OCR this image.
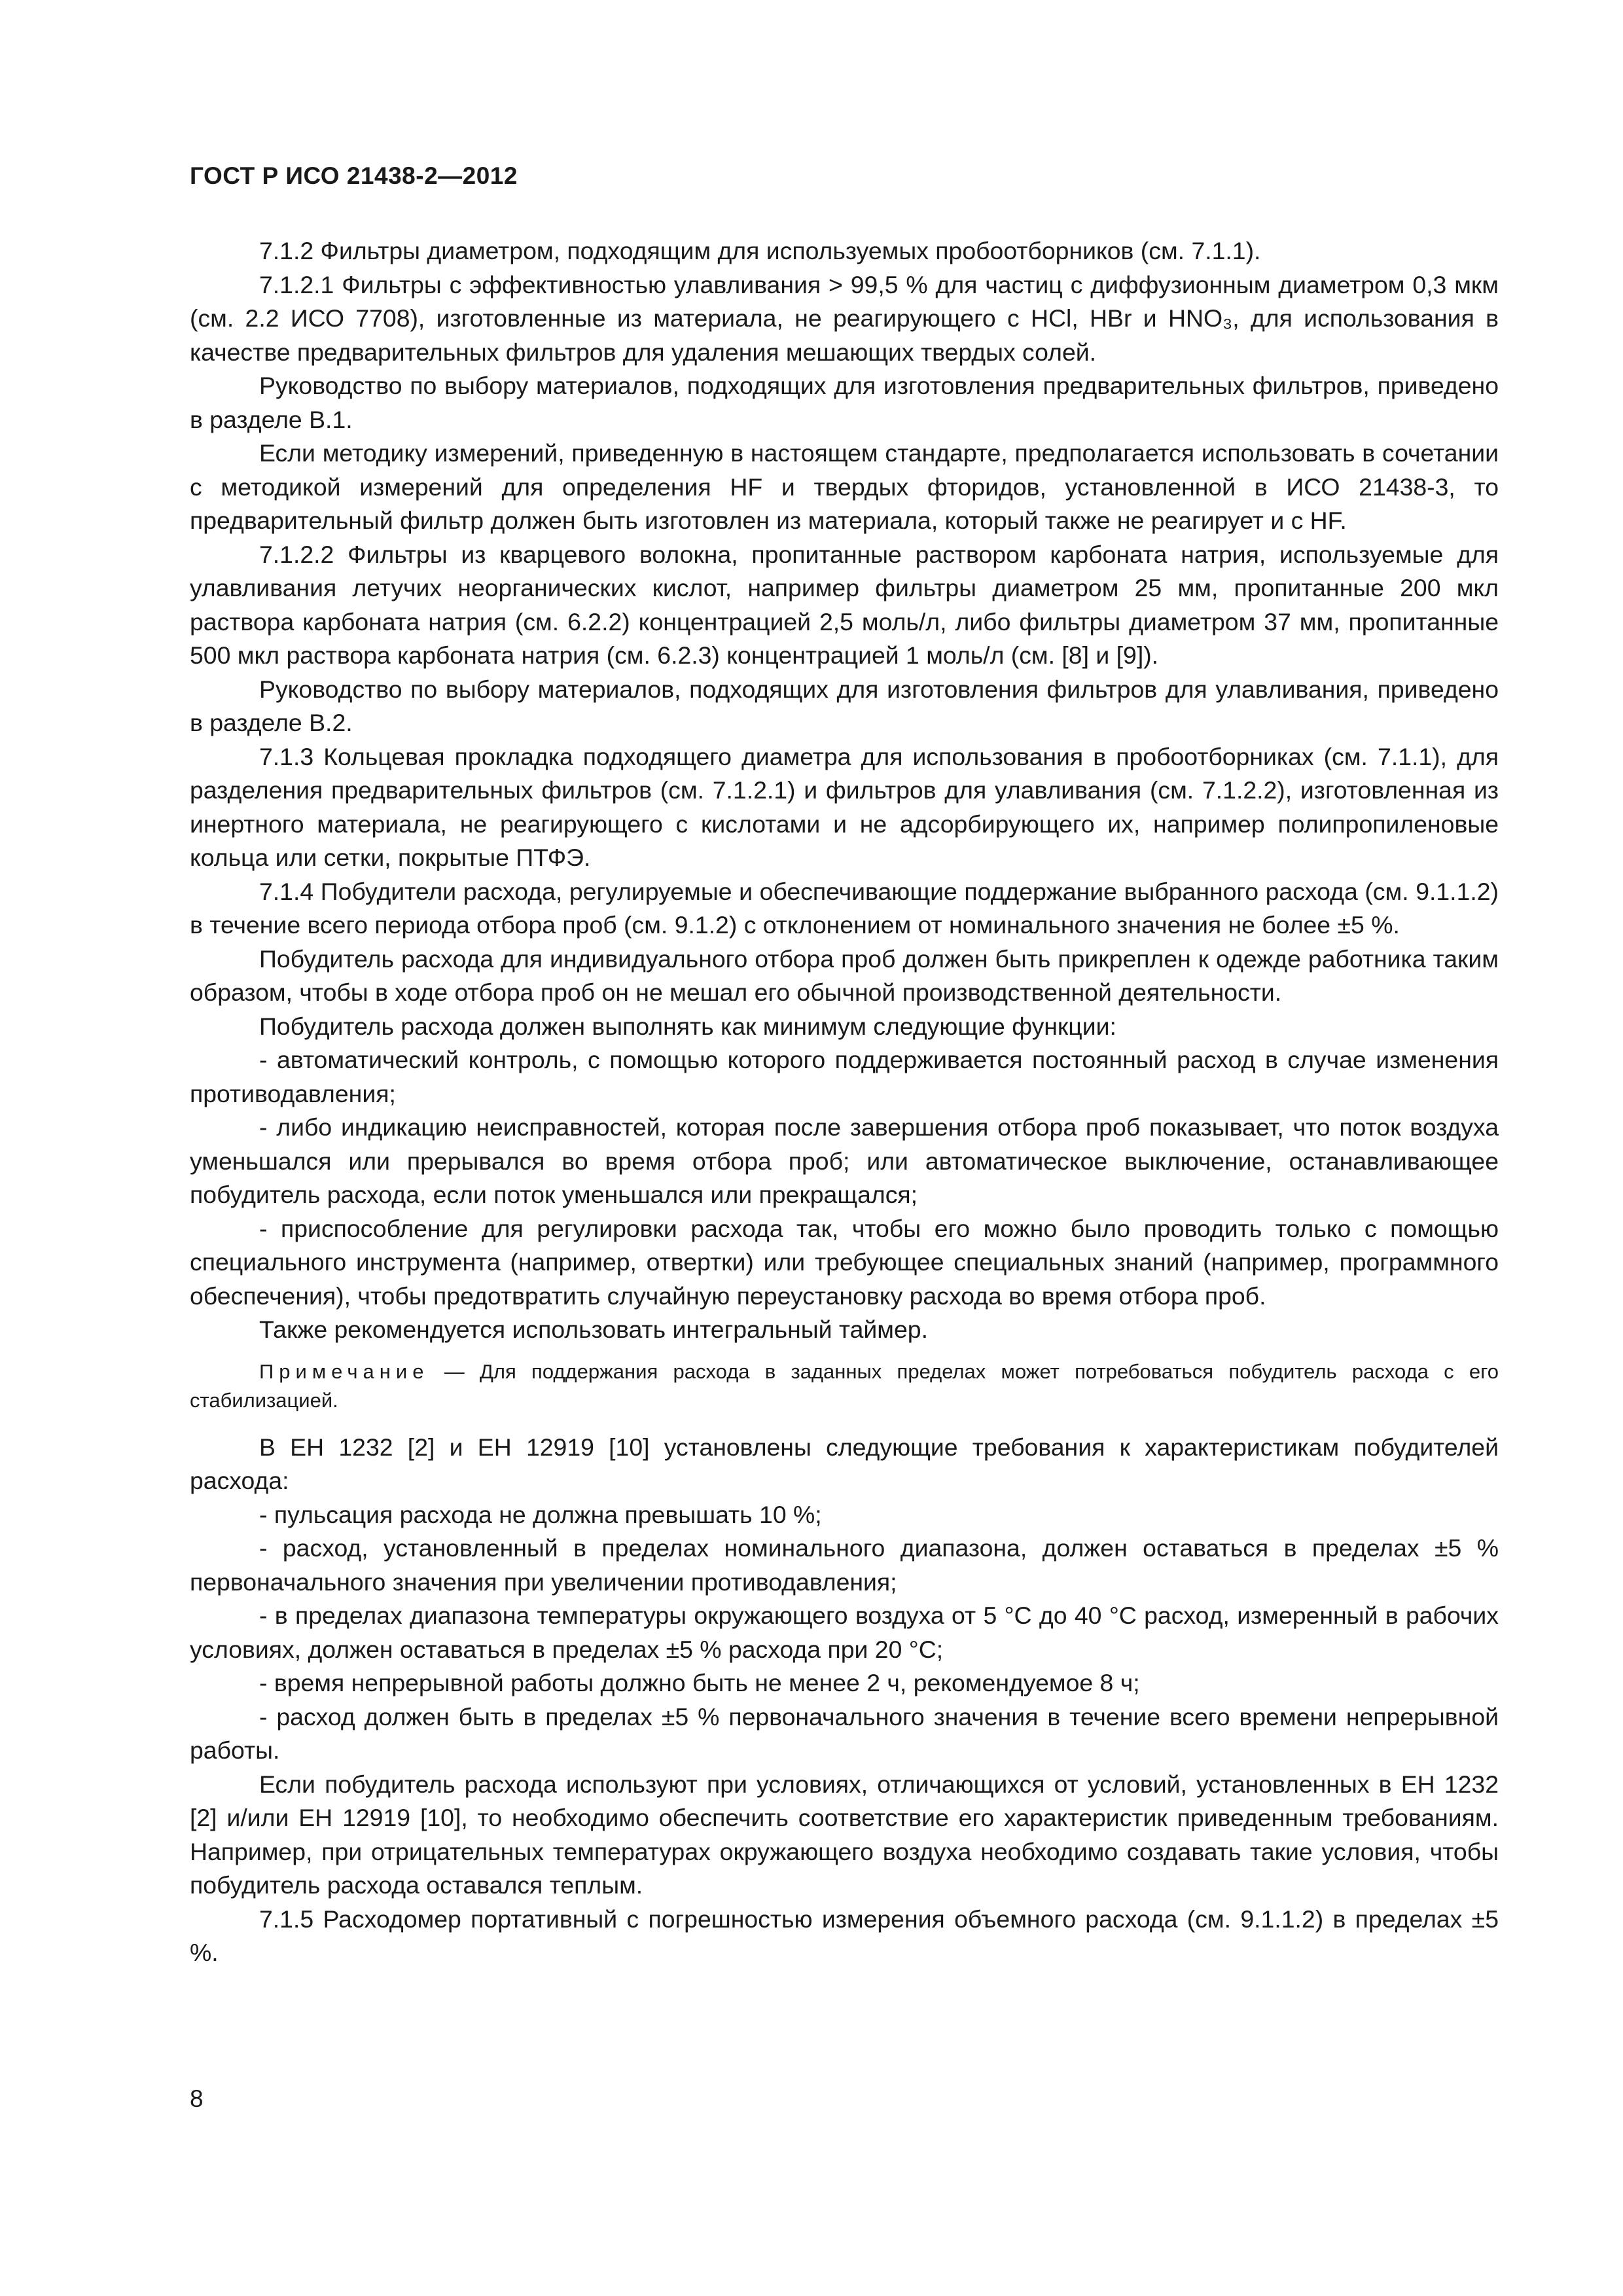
ГОСТ Р ИСО 21438-2—2012

7.1.2 Фильтры диаметром, подходящим для используемых пробоотборников (см. 7.1.1).

7.1.2.1 Фильтры с эффективностью улавливания > 99,5 % для частиц с диффузионным диаметром 0,3 мкм (см. 2.2 ИСО 7708), изготовленные из материала, не реагирующего с HCl, HBr и HNO₃, для использования в качестве предварительных фильтров для удаления мешающих твердых солей.

Руководство по выбору материалов, подходящих для изготовления предварительных фильтров, приведено в разделе В.1.

Если методику измерений, приведенную в настоящем стандарте, предполагается использовать в сочетании с методикой измерений для определения HF и твердых фторидов, установленной в ИСО 21438-3, то предварительный фильтр должен быть изготовлен из материала, который также не реагирует и с HF.

7.1.2.2 Фильтры из кварцевого волокна, пропитанные раствором карбоната натрия, используемые для улавливания летучих неорганических кислот, например фильтры диаметром 25 мм, пропитанные 200 мкл раствора карбоната натрия (см. 6.2.2) концентрацией 2,5 моль/л, либо фильтры диаметром 37 мм, пропитанные 500 мкл раствора карбоната натрия (см. 6.2.3) концентрацией 1 моль/л (см. [8] и [9]).

Руководство по выбору материалов, подходящих для изготовления фильтров для улавливания, приведено в разделе В.2.

7.1.3 Кольцевая прокладка подходящего диаметра для использования в пробоотборниках (см. 7.1.1), для разделения предварительных фильтров (см. 7.1.2.1) и фильтров для улавливания (см. 7.1.2.2), изготовленная из инертного материала, не реагирующего с кислотами и не адсорбирующего их, например полипропиленовые кольца или сетки, покрытые ПТФЭ.

7.1.4 Побудители расхода, регулируемые и обеспечивающие поддержание выбранного расхода (см. 9.1.1.2) в течение всего периода отбора проб (см. 9.1.2) с отклонением от номинального значения не более ±5 %.

Побудитель расхода для индивидуального отбора проб должен быть прикреплен к одежде работника таким образом, чтобы в ходе отбора проб он не мешал его обычной производственной деятельности.

Побудитель расхода должен выполнять как минимум следующие функции:

- автоматический контроль, с помощью которого поддерживается постоянный расход в случае изменения противодавления;

- либо индикацию неисправностей, которая после завершения отбора проб показывает, что поток воздуха уменьшался или прерывался во время отбора проб; или автоматическое выключение, останавливающее побудитель расхода, если поток уменьшался или прекращался;

- приспособление для регулировки расхода так, чтобы его можно было проводить только с помощью специального инструмента (например, отвертки) или требующее специальных знаний (например, программного обеспечения), чтобы предотвратить случайную переустановку расхода во время отбора проб.

Также рекомендуется использовать интегральный таймер.

Примечание — Для поддержания расхода в заданных пределах может потребоваться побудитель расхода с его стабилизацией.

В ЕН 1232 [2] и ЕН 12919 [10] установлены следующие требования к характеристикам побудителей расхода:

- пульсация расхода не должна превышать 10 %;

- расход, установленный в пределах номинального диапазона, должен оставаться в пределах ±5 % первоначального значения при увеличении противодавления;

- в пределах диапазона температуры окружающего воздуха от 5 °С до 40 °С расход, измеренный в рабочих условиях, должен оставаться в пределах ±5 % расхода при 20 °С;

- время непрерывной работы должно быть не менее 2 ч, рекомендуемое 8 ч;

- расход должен быть в пределах ±5 % первоначального значения в течение всего времени непрерывной работы.

Если побудитель расхода используют при условиях, отличающихся от условий, установленных в ЕН 1232 [2] и/или ЕН 12919 [10], то необходимо обеспечить соответствие его характеристик приведенным требованиям. Например, при отрицательных температурах окружающего воздуха необходимо создавать такие условия, чтобы побудитель расхода оставался теплым.

7.1.5 Расходомер портативный с погрешностью измерения объемного расхода (см. 9.1.1.2) в пределах ±5 %.

8
